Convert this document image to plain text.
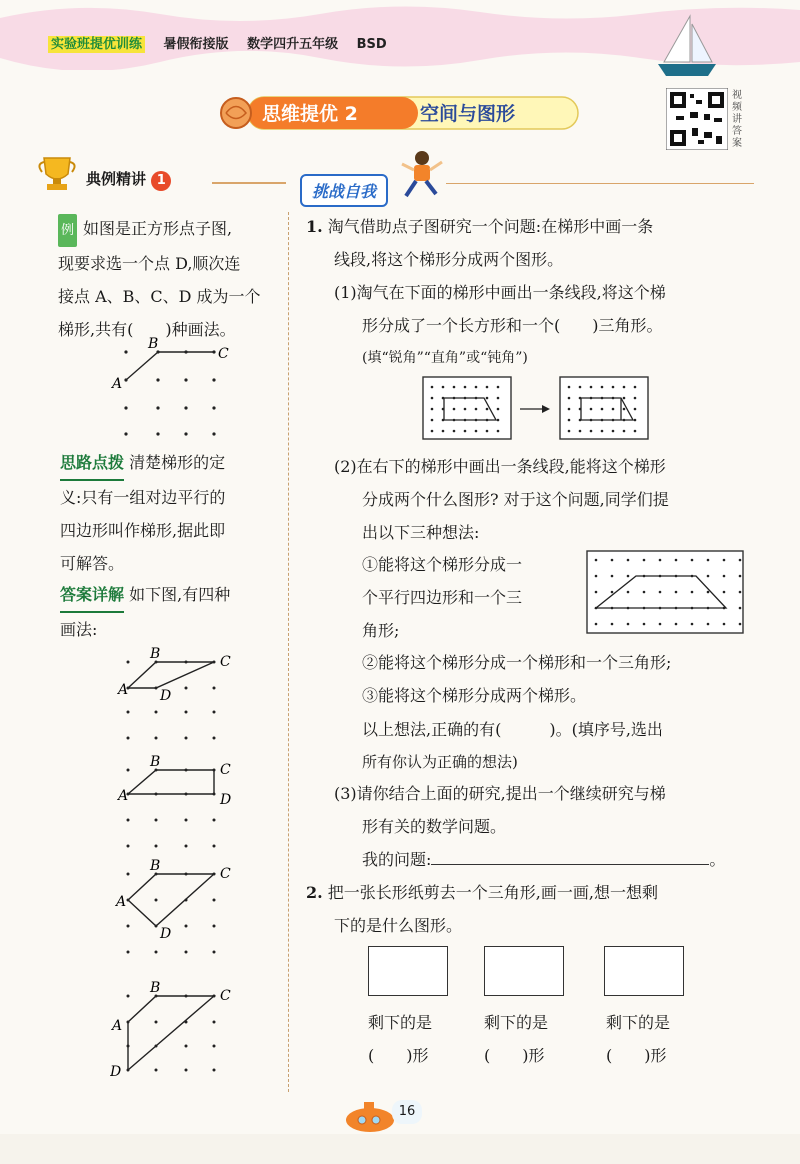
实验班提优训练 暑假衔接版 数学四升五年级 BSD
思维提优 2	空间与图形
视频讲答案
典例精讲 1
挑战自我
例 如图是正方形点子图,
现要求选一个点 D,顺次连
接点 A、B、C、D 成为一个
梯形,共有(　　)种画法。
B
C
A
思路点拨 清楚梯形的定
义:只有一组对边平行的
四边形叫作梯形,据此即
可解答。
答案详解 如下图,有四种
画法:
B	C
A D
B	C
A	D
B	C
A
D
B	C
A
D
1. 淘气借助点子图研究一个问题:在梯形中画一条
线段,将这个梯形分成两个图形。
(1)淘气在下面的梯形中画出一条线段,将这个梯
形分成了一个长方形和一个(　　)三角形。
(填“锐角”“直角”或“钝角”)
(2)在右下的梯形中画出一条线段,能将这个梯形
分成两个什么图形? 对于这个问题,同学们提
出以下三种想法:
①能将这个梯形分成一
个平行四边形和一个三
角形;
②能将这个梯形分成一个梯形和一个三角形;
③能将这个梯形分成两个梯形。
以上想法,正确的有(　　　)。(填序号,选出
所有你认为正确的想法)
(3)请你结合上面的研究,提出一个继续研究与梯
形有关的数学问题。
我的问题:	。
2. 把一张长形纸剪去一个三角形,画一画,想一想剩
下的是什么图形。
剩下的是
(　　)形
剩下的是
(　　)形
剩下的是
(　　)形
16
